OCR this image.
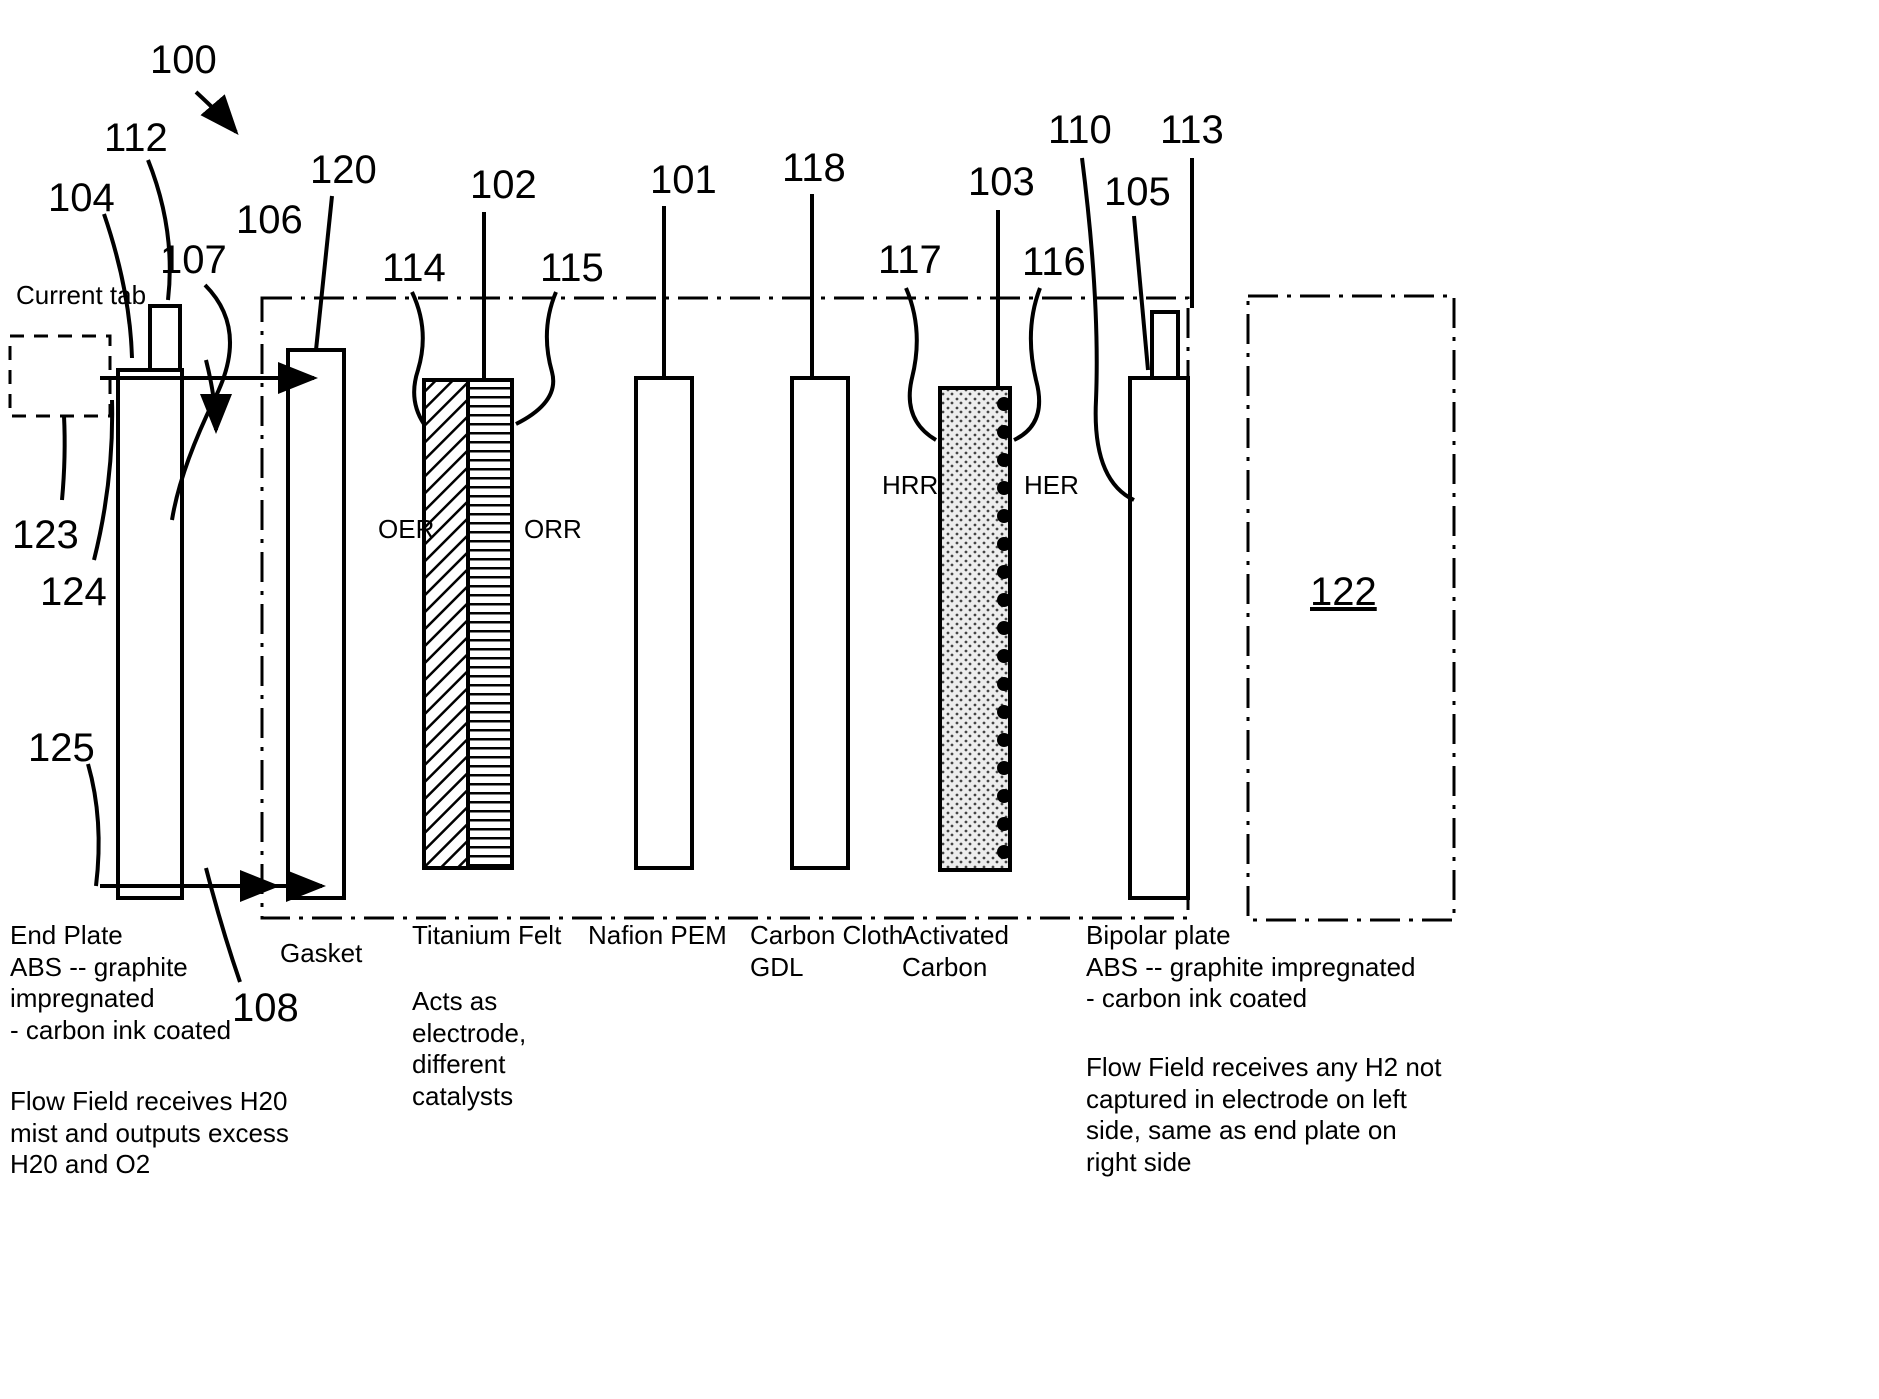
100
112
104
107
106
120
114
102
115
101 118
117
103
116
110
105
113
123
124
125
108
122
Current tab
OER	ORR
HRR	HER
End Plate
ABS -- graphite
impregnated
- carbon ink coated
Gasket
Titanium Felt Nafion PEM Carbon Cloth
GDL
Activated
Carbon
Bipolar plate
ABS -- graphite impregnated
- carbon ink coated
Flow Field receives H20
mist and outputs excess
H20 and O2
Acts as
electrode,
different
catalysts
Flow Field receives any H2 not
captured in electrode on left
side, same as end plate on
right side
